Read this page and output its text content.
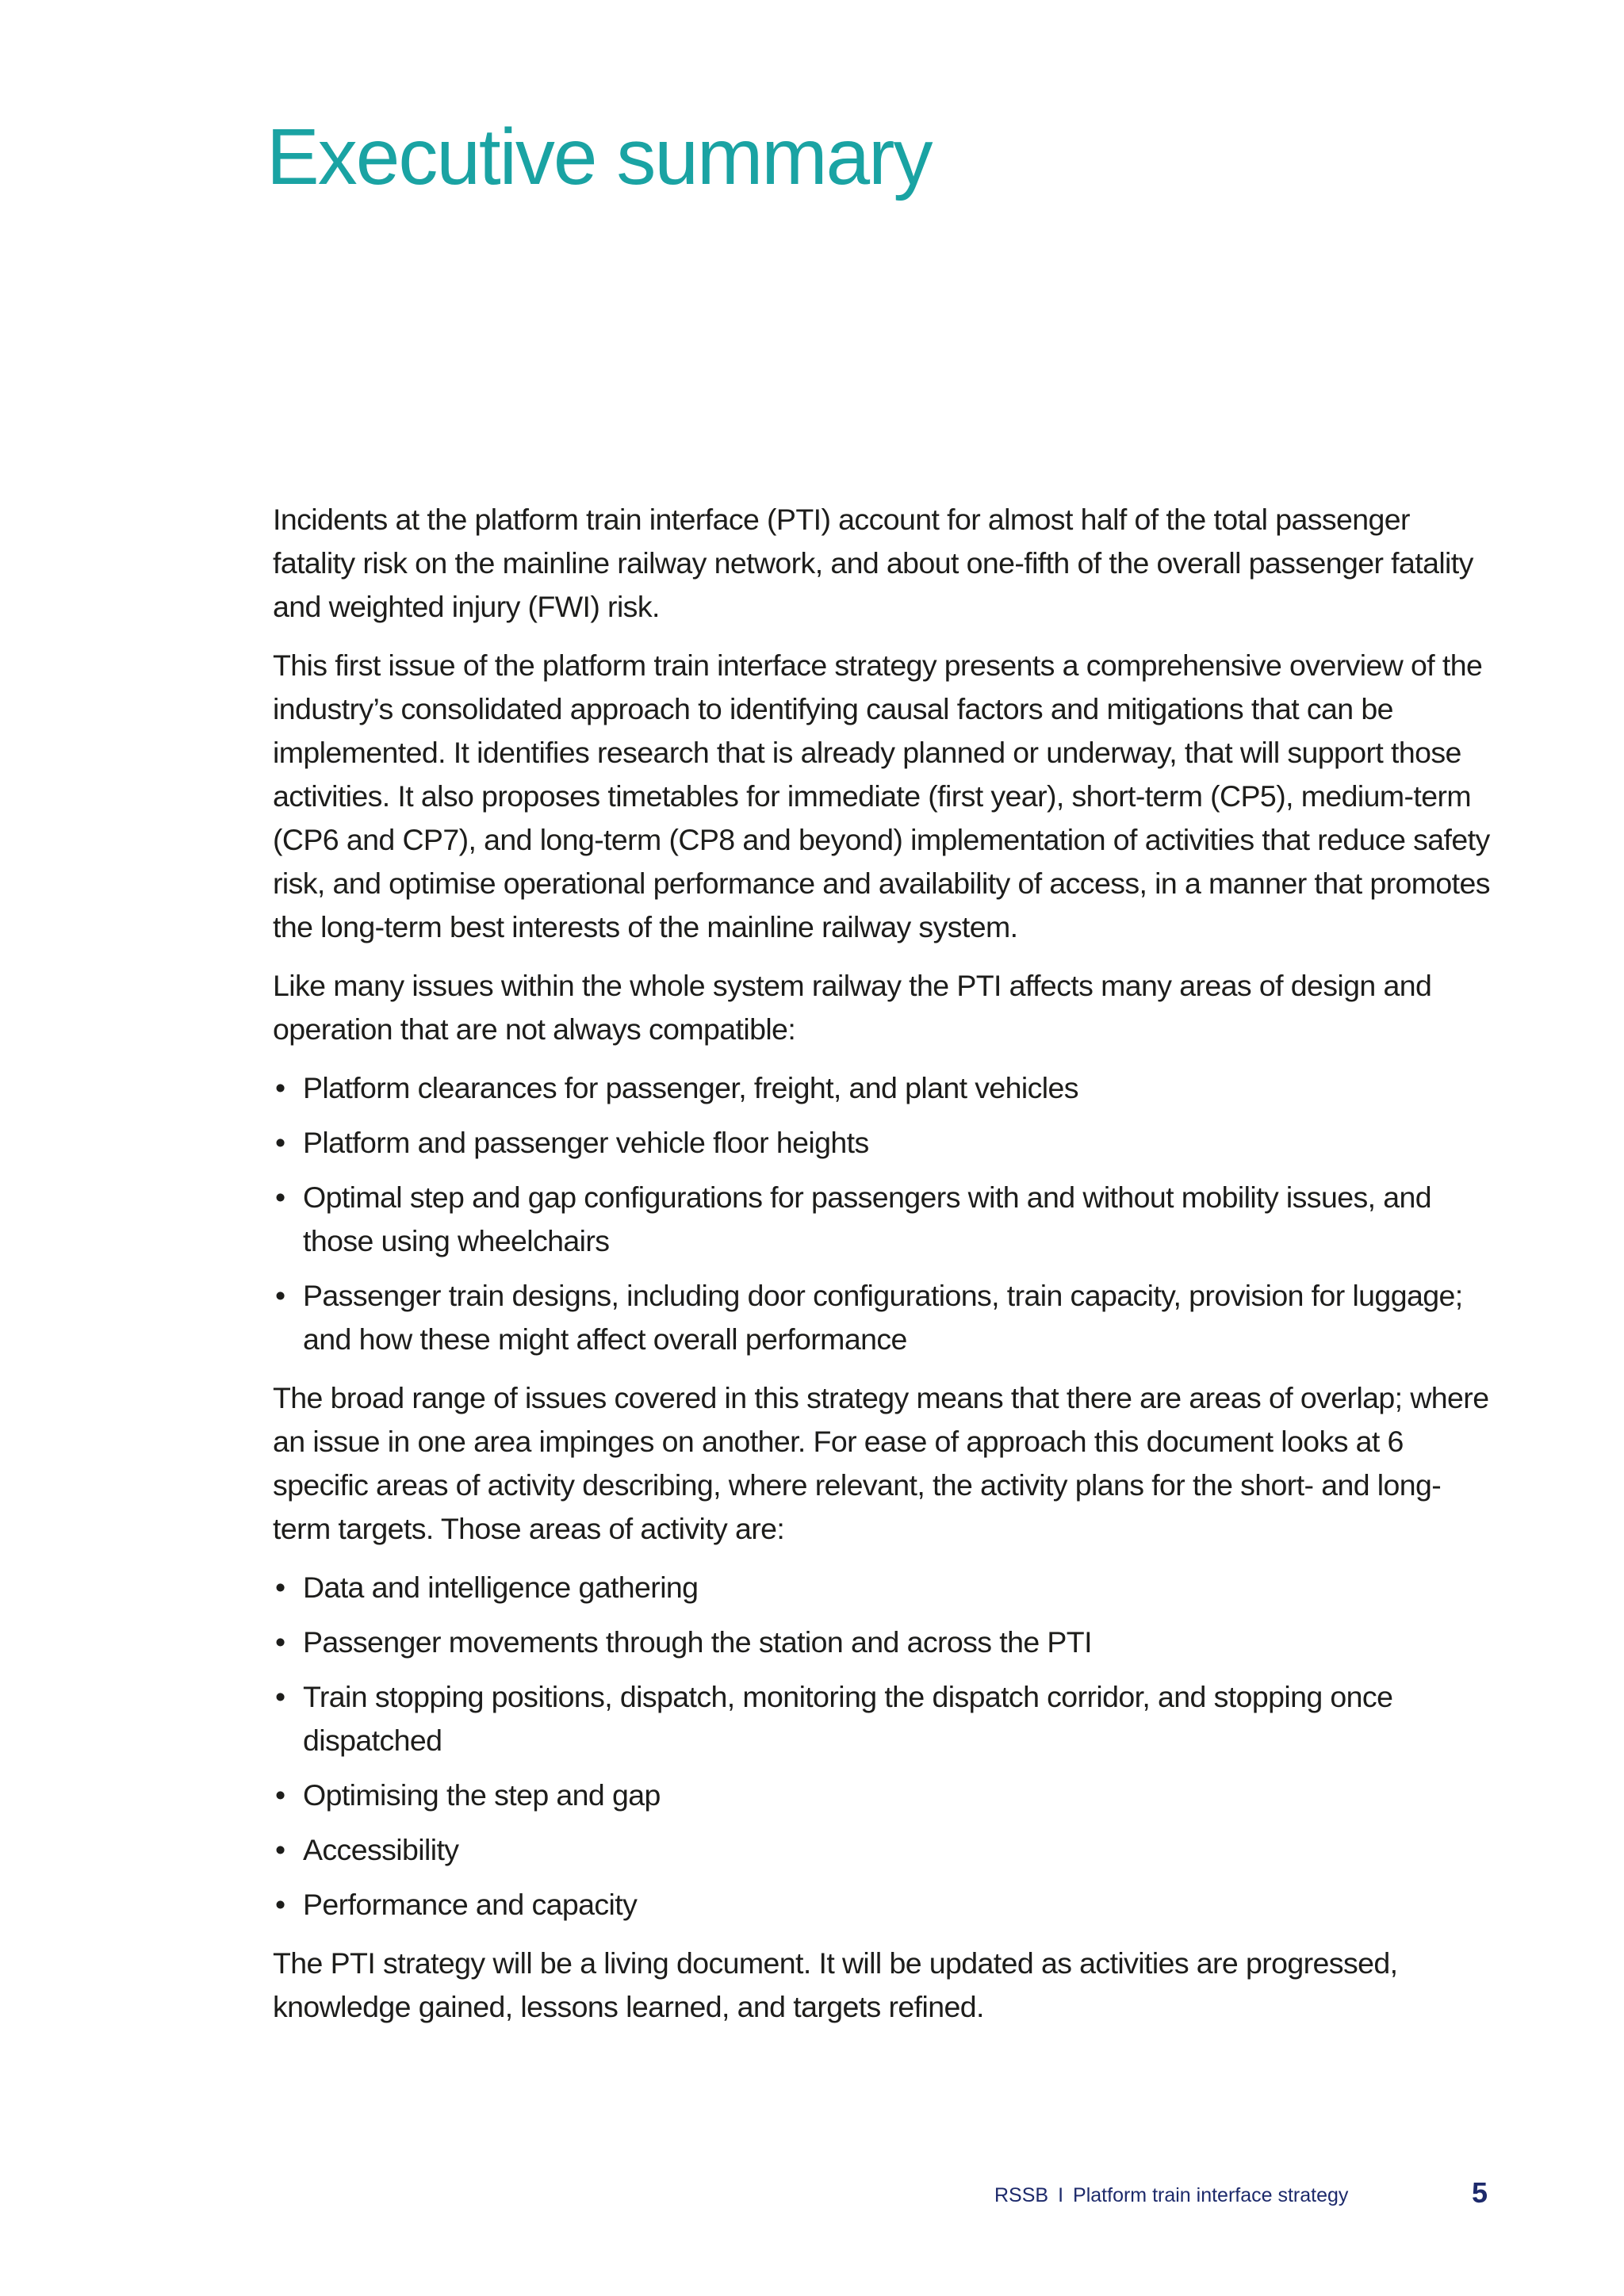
Executive summary

Incidents at the platform train interface (PTI) account for almost half of the total passenger fatality risk on the mainline railway network, and about one-fifth of the overall passenger fatality and weighted injury (FWI) risk.

This first issue of the platform train interface strategy presents a comprehensive overview of the industry’s consolidated approach to identifying causal factors and mitigations that can be implemented. It identifies research that is already planned or underway, that will support those activities. It also proposes timetables for immediate (first year), short-term (CP5), medium-term (CP6 and CP7), and long-term (CP8 and beyond) implementation of activities that reduce safety risk, and optimise operational performance and availability of access, in a manner that promotes the long-term best interests of the mainline railway system.

Like many issues within the whole system railway the PTI affects many areas of design and operation that are not always compatible:

• Platform clearances for passenger, freight, and plant vehicles
• Platform and passenger vehicle floor heights
• Optimal step and gap configurations for passengers with and without mobility issues, and those using wheelchairs
• Passenger train designs, including door configurations, train capacity, provision for luggage; and how these might affect overall performance

The broad range of issues covered in this strategy means that there are areas of overlap; where an issue in one area impinges on another. For ease of approach this document looks at 6 specific areas of activity describing, where relevant, the activity plans for the short- and long-term targets. Those areas of activity are:

• Data and intelligence gathering
• Passenger movements through the station and across the PTI
• Train stopping positions, dispatch, monitoring the dispatch corridor, and stopping once dispatched
• Optimising the step and gap
• Accessibility
• Performance and capacity

The PTI strategy will be a living document. It will be updated as activities are progressed, knowledge gained, lessons learned, and targets refined.

RSSB I Platform train interface strategy	5
